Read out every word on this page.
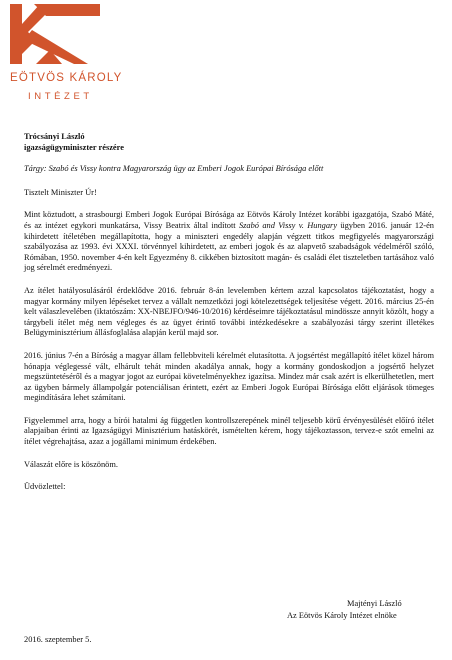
EÖTVÖS KÁROLY
INTÉZET

Trócsányi László

igazságügyminiszter részére

Tárgy: Szabó és Vissy kontra Magyarország ügy az Emberi Jogok Európai Bírósága előtt

Tisztelt Miniszter Úr!

Mint köztudott, a strasbourgi Emberi Jogok Európai Bírósága az Eötvös Károly Intézet korábbi igazgatója, Szabó Máté, és az intézet egykori munkatársa, Vissy Beatrix által indított Szabó and Vissy v. Hungary ügyben 2016. január 12-én kihirdetett ítéletében megállapította, hogy a miniszteri engedély alapján végzett titkos megfigyelés magyarországi szabályozása az 1993. évi XXXI. törvénnyel kihirdetett, az emberi jogok és az alapvető szabadságok védelméről szóló, Rómában, 1950. november 4-én kelt Egyezmény 8. cikkében biztosított magán- és családi élet tiszteletben tartásához való jog sérelmét eredményezi.

Az ítélet hatályosulásáról érdeklődve 2016. február 8-án levelemben kértem azzal kapcsolatos tájékoztatást, hogy a magyar kormány milyen lépéseket tervez a vállalt nemzetközi jogi kötelezettségek teljesítése végett. 2016. március 25-én kelt válaszlevelében (iktatószám: XX-NBEJFO/946-10/2016) kérdéseimre tájékoztatásul mindössze annyit közölt, hogy a tárgybeli ítélet még nem végleges és az ügyet érintő további intézkedésekre a szabályozási tárgy szerint illetékes Belügyminisztérium állásfoglalása alapján kerül majd sor.

2016. június 7-én a Bíróság a magyar állam fellebbviteli kérelmét elutasította. A jogsértést megállapító ítélet közel három hónapja véglegessé vált, elhárult tehát minden akadálya annak, hogy a kormány gondoskodjon a jogsértő helyzet megszüntetéséről és a magyar jogot az európai követelményekhez igazítsa. Mindez már csak azért is elkerülhetetlen, mert az ügyben bármely állampolgár potenciálisan érintett, ezért az Emberi Jogok Európai Bírósága előtt eljárások tömeges megindítására lehet számítani.

Figyelemmel arra, hogy a bírói hatalmi ág független kontrollszerepének minél teljesebb körű érvényesülését előíró ítélet alapjaiban érinti az Igazságügyi Minisztérium hatáskörét, ismételten kérem, hogy tájékoztasson, tervez-e szót emelni az ítélet végrehajtása, azaz a jogállami minimum érdekében.

Válaszát előre is köszönöm.

Üdvözlettel:

Majtényi László
Az Eötvös Károly Intézet elnöke
2016. szeptember 5.
